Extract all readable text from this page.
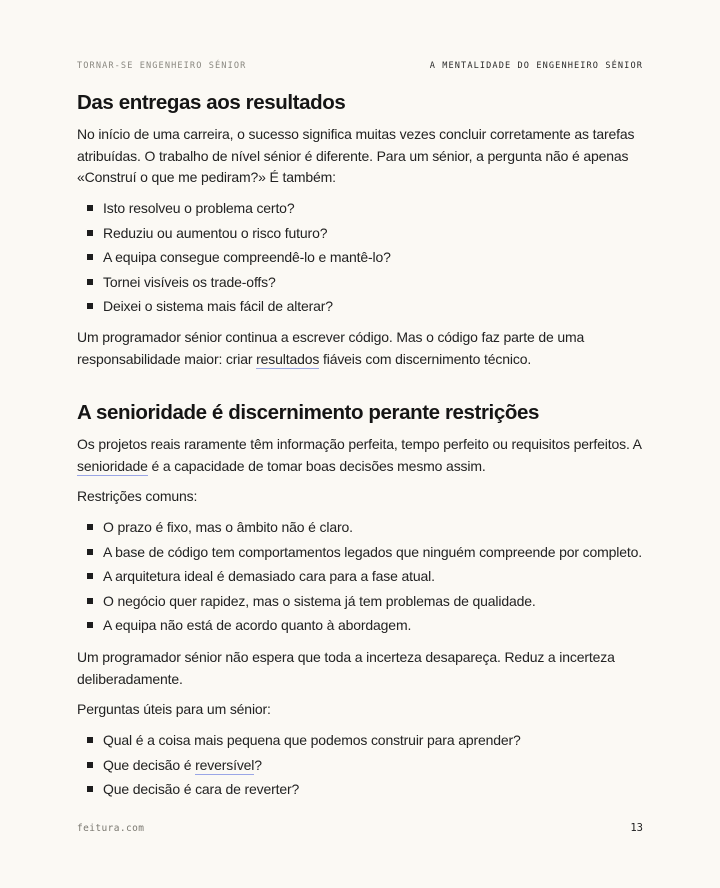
TORNAR-SE ENGENHEIRO SÉNIOR	A MENTALIDADE DO ENGENHEIRO SÉNIOR
Das entregas aos resultados

No início de uma carreira, o sucesso significa muitas vezes concluir corretamente as tarefas atribuídas. O trabalho de nível sénior é diferente. Para um sénior, a pergunta não é apenas «Construí o que me pediram?» É também:

Isto resolveu o problema certo?
Reduziu ou aumentou o risco futuro?
A equipa consegue compreendê-lo e mantê-lo?
Tornei visíveis os trade-offs?
Deixei o sistema mais fácil de alterar?

Um programador sénior continua a escrever código. Mas o código faz parte de uma responsabilidade maior: criar resultados fiáveis com discernimento técnico.

A senioridade é discernimento perante restrições

Os projetos reais raramente têm informação perfeita, tempo perfeito ou requisitos perfeitos. A senioridade é a capacidade de tomar boas decisões mesmo assim.

Restrições comuns:

O prazo é fixo, mas o âmbito não é claro.
A base de código tem comportamentos legados que ninguém compreende por completo.
A arquitetura ideal é demasiado cara para a fase atual.
O negócio quer rapidez, mas o sistema já tem problemas de qualidade.
A equipa não está de acordo quanto à abordagem.

Um programador sénior não espera que toda a incerteza desapareça. Reduz a incerteza deliberadamente.

Perguntas úteis para um sénior:

Qual é a coisa mais pequena que podemos construir para aprender?
Que decisão é reversível?
Que decisão é cara de reverter?
feitura.com	13
